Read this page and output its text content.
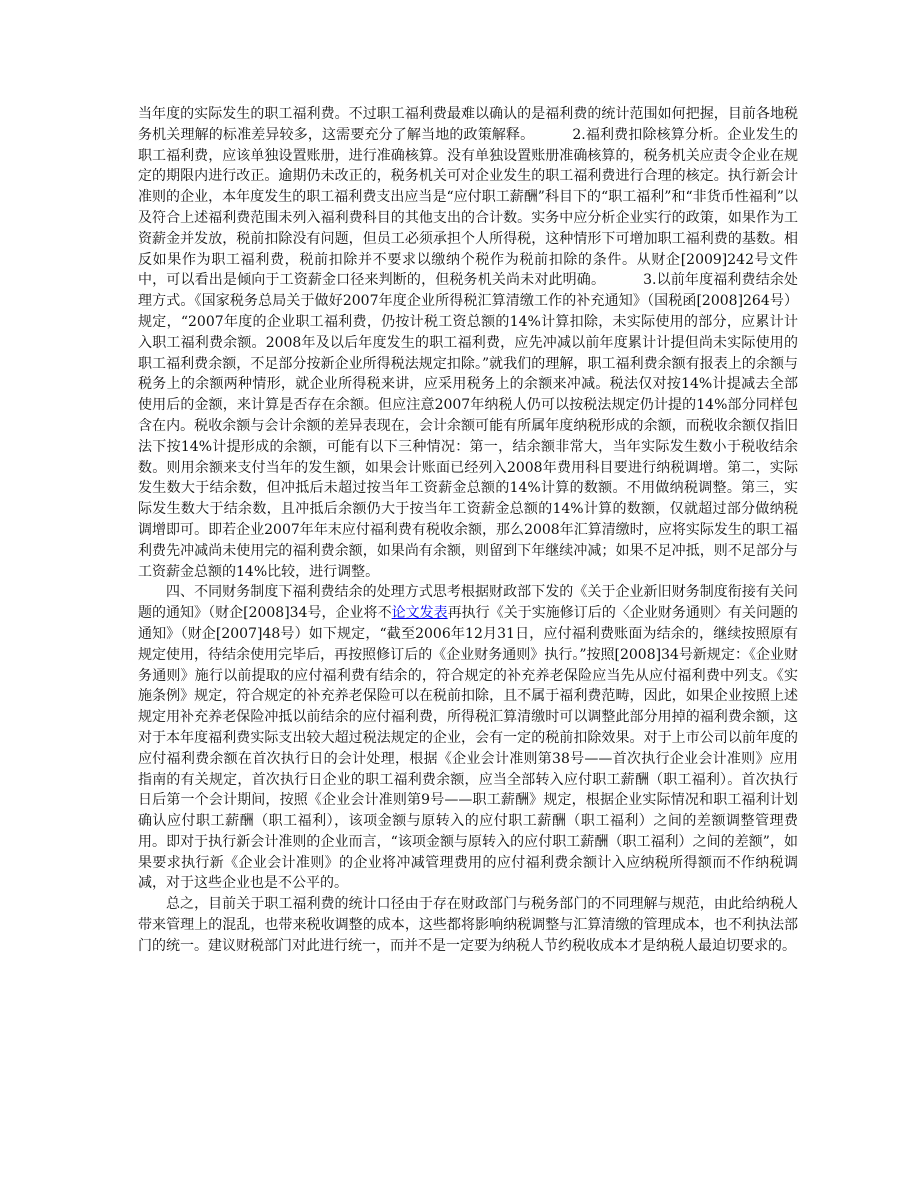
当年度的实际发生的职工福利费。不过职工福利费最难以确认的是福利费的统计范围如何把握，目前各地税务机关理解的标准差异较多，这需要充分了解当地的政策解释。	2.福利费扣除核算分析。企业发生的职工福利费，应该单独设置账册，进行准确核算。没有单独设置账册准确核算的，税务机关应责令企业在规定的期限内进行改正。逾期仍未改正的，税务机关可对企业发生的职工福利费进行合理的核定。执行新会计准则的企业，本年度发生的职工福利费支出应当是“应付职工薪酬”科目下的“职工福利”和“非货币性福利”以及符合上述福利费范围未列入福利费科目的其他支出的合计数。实务中应分析企业实行的政策，如果作为工资薪金并发放，税前扣除没有问题，但员工必须承担个人所得税，这种情形下可增加职工福利费的基数。相反如果作为职工福利费，税前扣除并不要求以缴纳个税作为税前扣除的条件。从财企[2009]242号文件中，可以看出是倾向于工资薪金口径来判断的，但税务机关尚未对此明确。	3.以前年度福利费结余处理方式。《国家税务总局关于做好2007年度企业所得税汇算清缴工作的补充通知》（国税函[2008]264号）规定，“2007年度的企业职工福利费，仍按计税工资总额的14%计算扣除，未实际使用的部分，应累计计入职工福利费余额。2008年及以后年度发生的职工福利费，应先冲减以前年度累计计提但尚未实际使用的职工福利费余额，不足部分按新企业所得税法规定扣除。”就我们的理解，职工福利费余额有报表上的余额与税务上的余额两种情形，就企业所得税来讲，应采用税务上的余额来冲减。税法仅对按14%计提减去全部使用后的金额，来计算是否存在余额。但应注意2007年纳税人仍可以按税法规定仍计提的14%部分同样包含在内。税收余额与会计余额的差异表现在，会计余额可能有所属年度纳税形成的余额，而税收余额仅指旧法下按14%计提形成的余额，可能有以下三种情况：第一，结余额非常大，当年实际发生数小于税收结余数。则用余额来支付当年的发生额，如果会计账面已经列入2008年费用科目要进行纳税调增。第二，实际发生数大于结余数，但冲抵后未超过按当年工资薪金总额的14%计算的数额。不用做纳税调整。第三，实际发生数大于结余数，且冲抵后余额仍大于按当年工资薪金总额的14%计算的数额，仅就超过部分做纳税调增即可。即若企业2007年年末应付福利费有税收余额，那么2008年汇算清缴时，应将实际发生的职工福利费先冲减尚未使用完的福利费余额，如果尚有余额，则留到下年继续冲减；如果不足冲抵，则不足部分与工资薪金总额的14%比较，进行调整。

四、不同财务制度下福利费结余的处理方式思考根据财政部下发的《关于企业新旧财务制度衔接有关问题的通知》（财企[2008]34号，企业将不论文发表再执行《关于实施修订后的〈企业财务通则〉有关问题的通知》（财企[2007]48号）如下规定，“截至2006年12月31日，应付福利费账面为结余的，继续按照原有规定使用，待结余使用完毕后，再按照修订后的《企业财务通则》执行。”按照[2008]34号新规定：《企业财务通则》施行以前提取的应付福利费有结余的，符合规定的补充养老保险应当先从应付福利费中列支。《实施条例》规定，符合规定的补充养老保险可以在税前扣除，且不属于福利费范畴，因此，如果企业按照上述规定用补充养老保险冲抵以前结余的应付福利费，所得税汇算清缴时可以调整此部分用掉的福利费余额，这对于本年度福利费实际支出较大超过税法规定的企业，会有一定的税前扣除效果。对于上市公司以前年度的应付福利费余额在首次执行日的会计处理，根据《企业会计准则第38号——首次执行企业会计准则》应用指南的有关规定，首次执行日企业的职工福利费余额，应当全部转入应付职工薪酬（职工福利）。首次执行日后第一个会计期间，按照《企业会计准则第9号——职工薪酬》规定，根据企业实际情况和职工福利计划确认应付职工薪酬（职工福利），该项金额与原转入的应付职工薪酬（职工福利）之间的差额调整管理费用。即对于执行新会计准则的企业而言，“该项金额与原转入的应付职工薪酬（职工福利）之间的差额”，如果要求执行新《企业会计准则》的企业将冲减管理费用的应付福利费余额计入应纳税所得额而不作纳税调减，对于这些企业也是不公平的。

总之，目前关于职工福利费的统计口径由于存在财政部门与税务部门的不同理解与规范，由此给纳税人带来管理上的混乱，也带来税收调整的成本，这些都将影响纳税调整与汇算清缴的管理成本，也不利执法部门的统一。建议财税部门对此进行统一，而并不是一定要为纳税人节约税收成本才是纳税人最迫切要求的。
